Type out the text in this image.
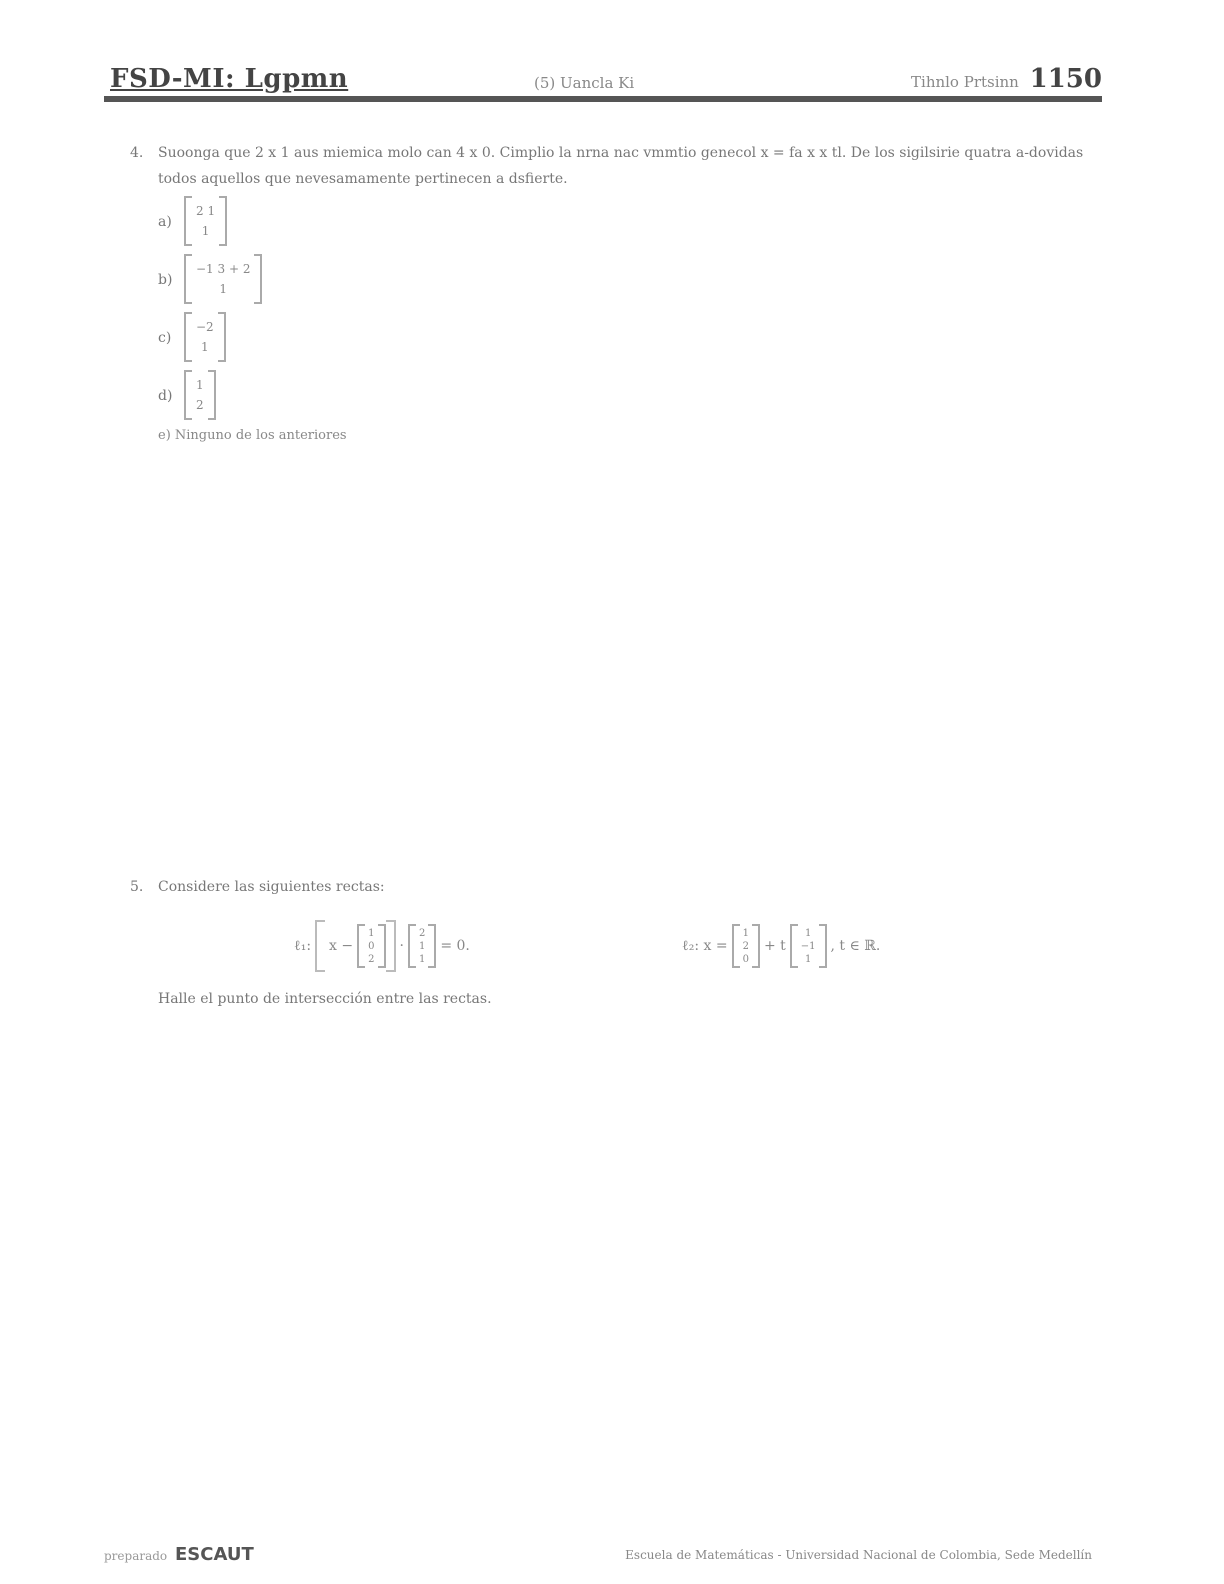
FSD-MI: Lgpmn	(5) Uancla Ki	Tihnlo Prtsinn 1150
4. Suoonga que 2 x 1 aus miemica molo can 4 x 0. Cimplio la nrna nac vmmtio genecol x = fa x x tl. De los sigilsirie quatra a-dovidas todos aquellos que nevesamamente pertinecen a dsfierte.
a)
2 1
1
b)
−1 3 + 2
1
c)
−2
1
d)
1
2
e) Ninguno de los anteriores
5. Considere las siguientes rectas:
ℓ₁: x −
1
0
2
·
2
1
1
= 0.	ℓ₂: x =
1
2
0
+ t
1
−1
1
, t ∈ ℝ.
Halle el punto de intersección entre las rectas.
preparado ESCAUT	Escuela de Matemáticas - Universidad Nacional de Colombia, Sede Medellín
